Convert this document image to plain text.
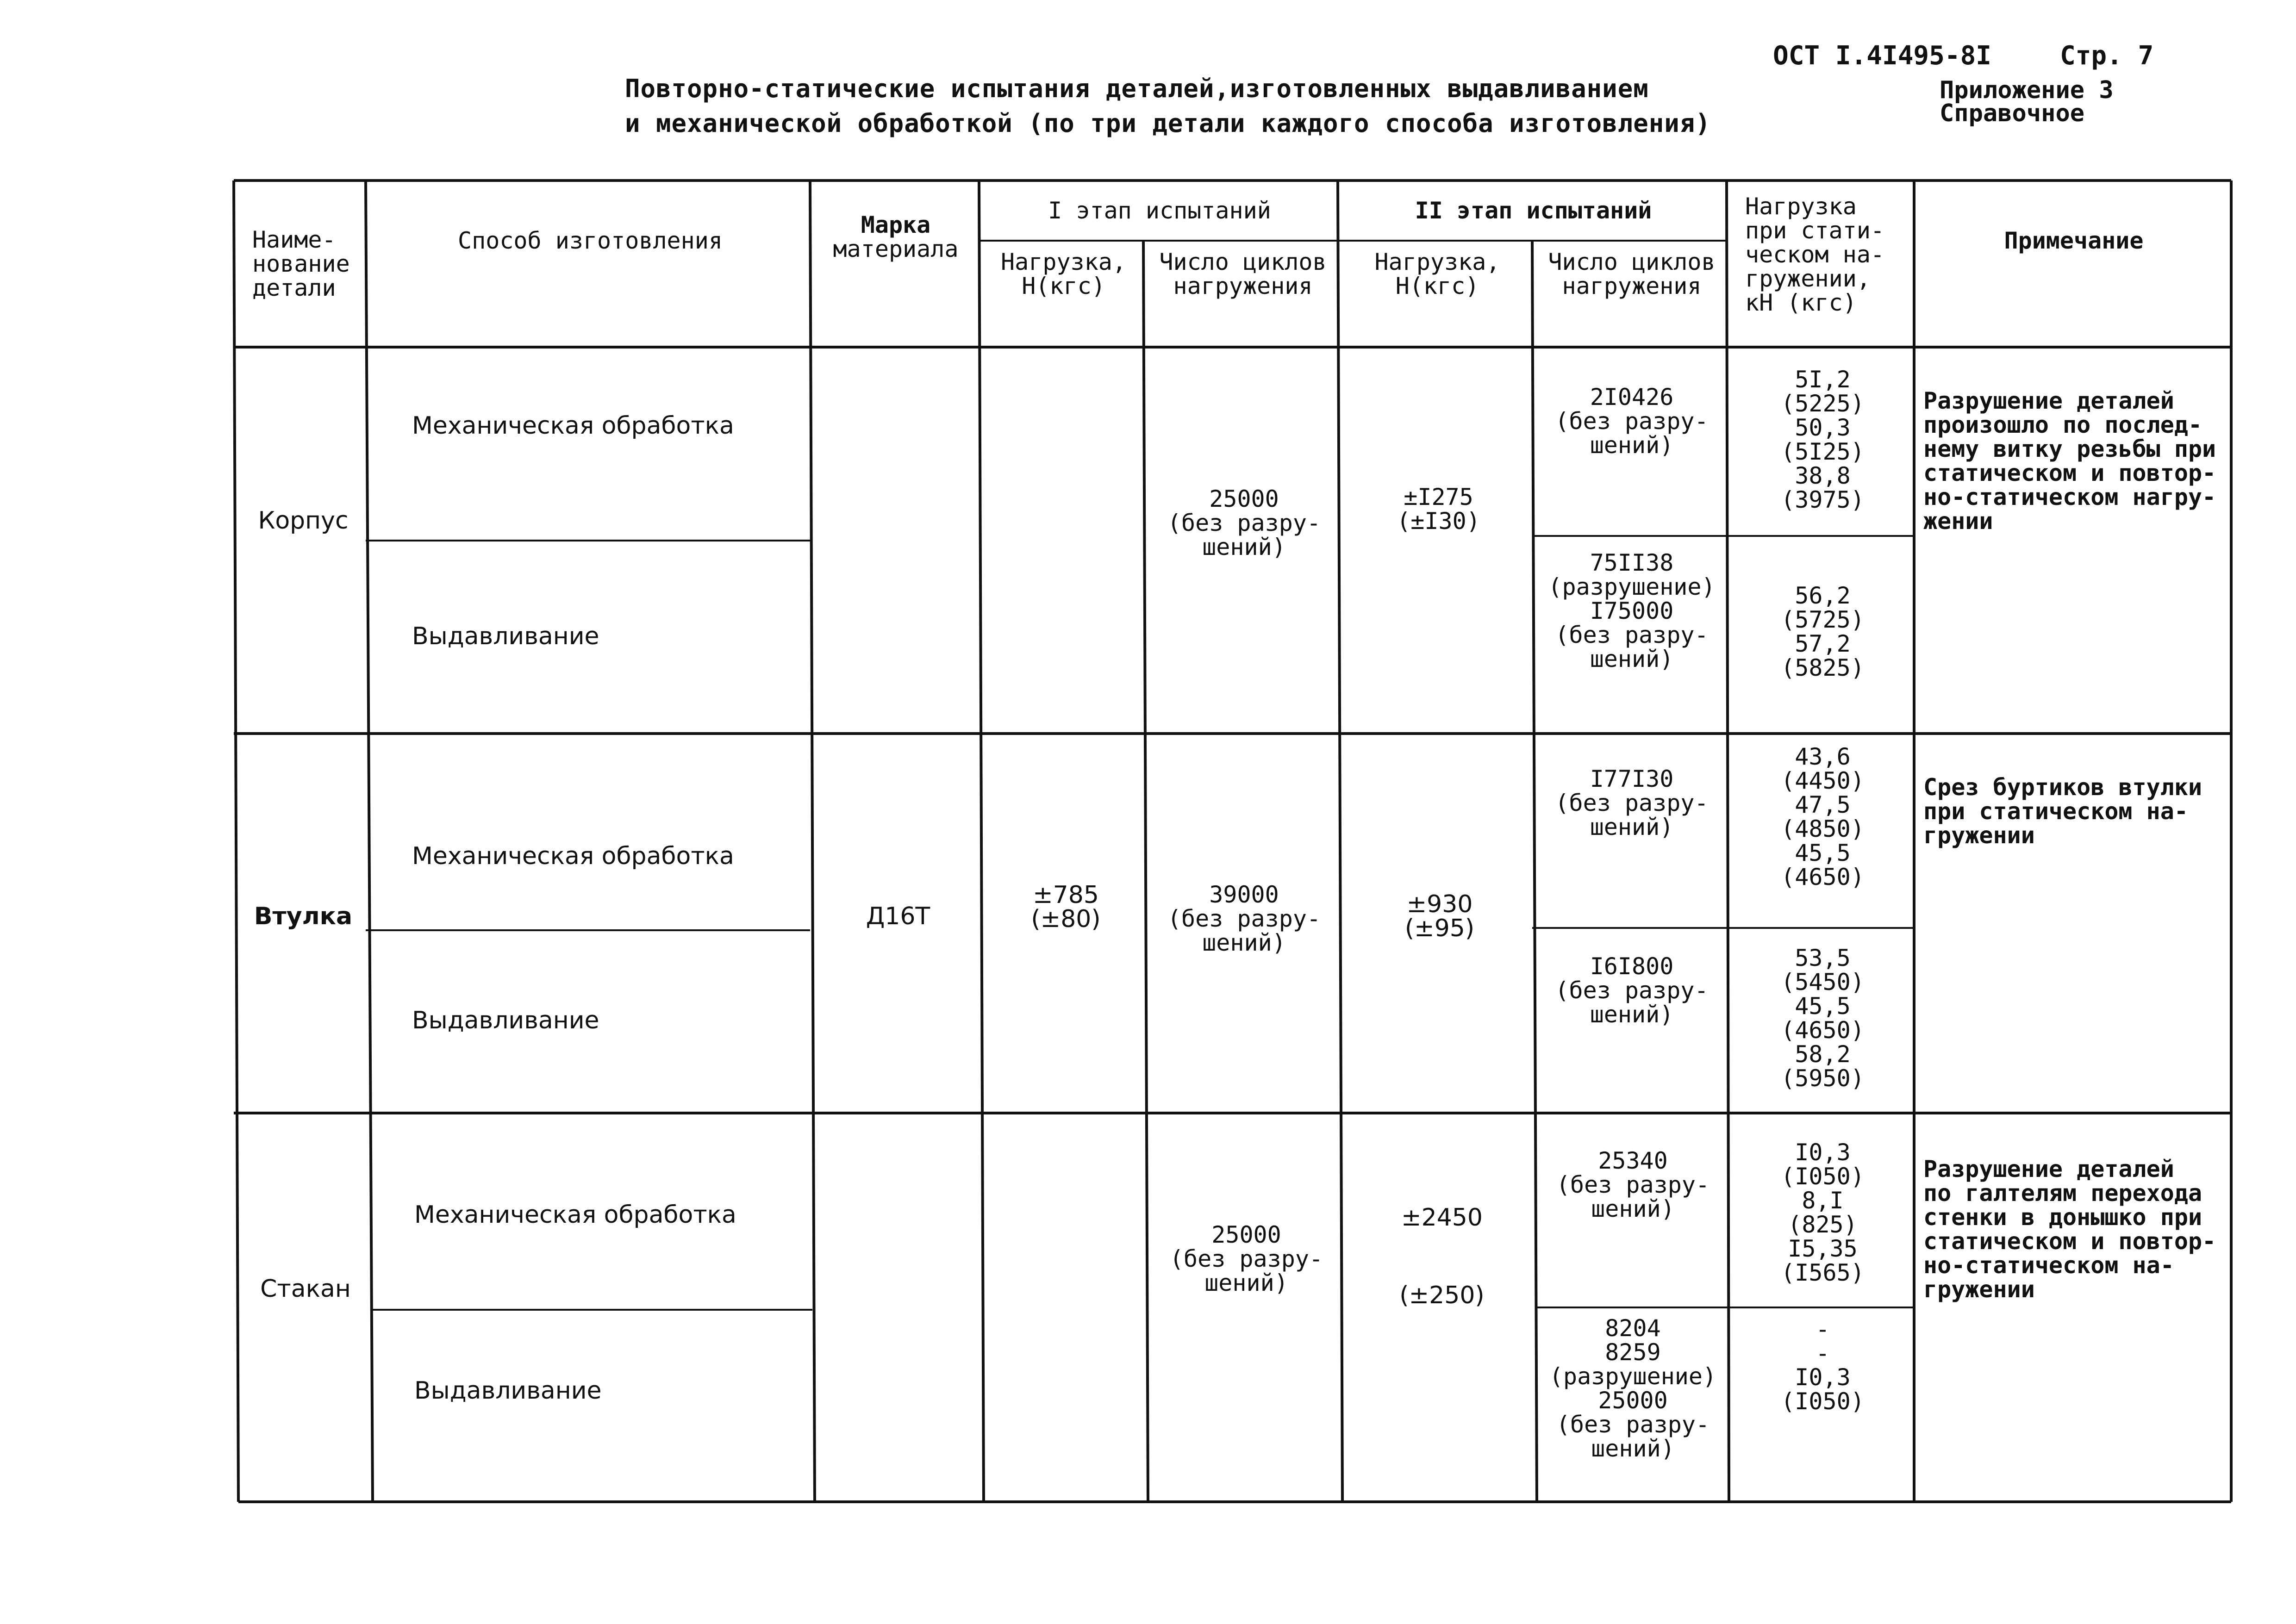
ОСТ I.4I495-8I	Стр. 7
Приложение 3
Справочное
Повторно-статические испытания деталей,изготовленных выдавливанием
и механической обработкой (по три детали каждого способа изготовления)
Наиме-
нование
детали
Способ изготовления
Марка
материала
I этап испытаний	II этап испытаний
Нагрузка,
Н(кгс)
Число циклов
нагружения
Нагрузка,
Н(кгс)
Число циклов
нагружения
Нагрузка
при стати-
ческом на-
гружении,
кН (кгс)
Примечание
Д16Т
±785
(±80)
Корпус
Механическая обработка
Выдавливание
25000
(без разру-
шений)
±I275
(±I30)
2I0426
(без разру-
шений)
75II38
(разрушение)
I75000
(без разру-
шений)
5I,2
(5225)
50,3
(5I25)
38,8
(3975)
56,2
(5725)
57,2
(5825)
Разрушение деталей
произошло по послед-
нему витку резьбы при
статическом и повтор-
но-статическом нагру-
жении
Втулка
Механическая обработка
Выдавливание
39000
(без разру-
шений)
±930
(±95)
I77I30
(без разру-
шений)
I6I800
(без разру-
шений)
43,6
(4450)
47,5
(4850)
45,5
(4650)
53,5
(5450)
45,5
(4650)
58,2
(5950)
Срез буртиков втулки
при статическом на-
гружении
Стакан
Механическая обработка
Выдавливание
25000
(без разру-
шений)
±2450
(±250)
25340
(без разру-
шений)
8204
8259
(разрушение)
25000
(без разру-
шений)
I0,3
(I050)
8,I
(825)
I5,35
(I565)
-
-
I0,3
(I050)
Разрушение деталей
по галтелям перехода
стенки в донышко при
статическом и повтор-
но-статическом на-
гружении
